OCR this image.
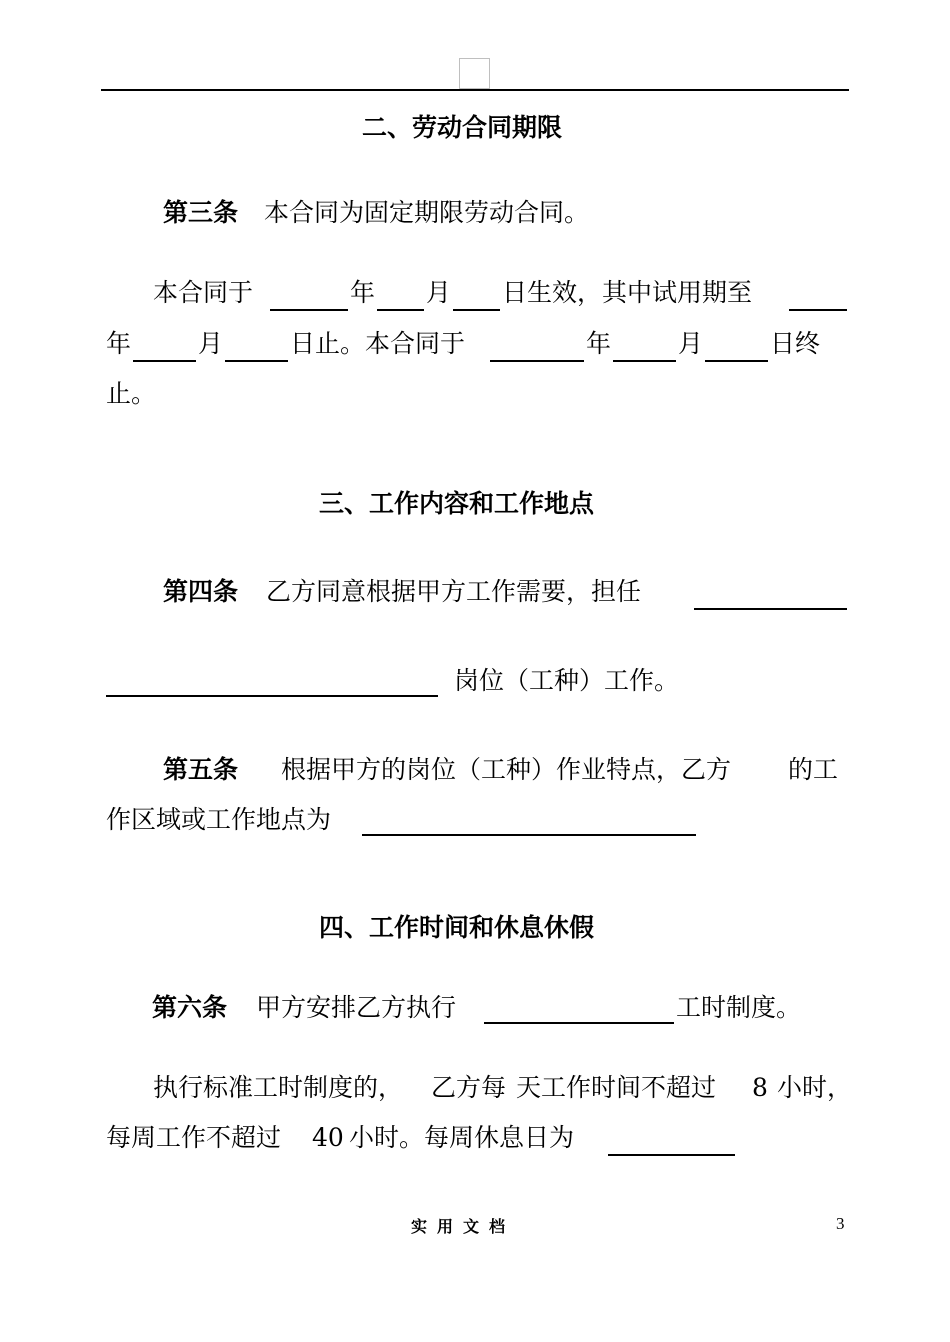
二、劳动合同期限
第三条 本合同为固定期限劳动合同。
本合同于	年 月 日生效，其中试用期至
年	月	日止。本合同于	年	月	日终
止。
三、工作内容和工作地点
第四条 乙方同意根据甲方工作需要，担任
岗位（工种）工作。
第五条 根据甲方的岗位（工种）作业特点，乙方 的工
作区域或工作地点为
四、工作时间和休息休假
第六条 甲方安排乙方执行	工时制度。
执行标准工时制度的， 乙方每 天工作时间不超过 8 小时，
每周工作不超过 40 小时。每周休息日为
实用文档	3
